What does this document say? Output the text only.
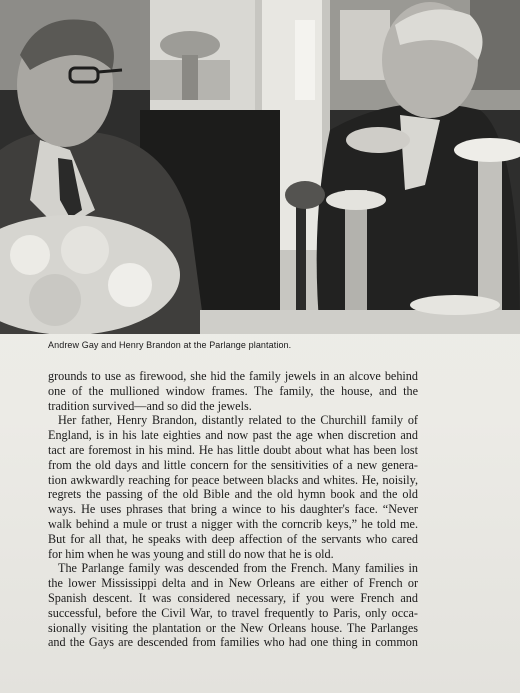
Andrew Gay and Henry Brandon at the Parlange plantation.
grounds to use as firewood, she hid the family jewels in an alcove behind
one of the mullioned window frames. The family, the house, and the
tradition survived—and so did the jewels.
Her father, Henry Brandon, distantly related to the Churchill family of
England, is in his late eighties and now past the age when discretion and
tact are foremost in his mind. He has little doubt about what has been lost
from the old days and little concern for the sensitivities of a new genera-
tion awkwardly reaching for peace between blacks and whites. He, noisily,
regrets the passing of the old Bible and the old hymn book and the old
ways. He uses phrases that bring a wince to his daughter's face. “Never
walk behind a mule or trust a nigger with the corncrib keys,” he told me.
But for all that, he speaks with deep affection of the servants who cared
for him when he was young and still do now that he is old.
The Parlange family was descended from the French. Many families in
the lower Mississippi delta and in New Orleans are either of French or
Spanish descent. It was considered necessary, if you were French and
successful, before the Civil War, to travel frequently to Paris, only occa-
sionally visiting the plantation or the New Orleans house. The Parlanges
and the Gays are descended from families who had one thing in common
